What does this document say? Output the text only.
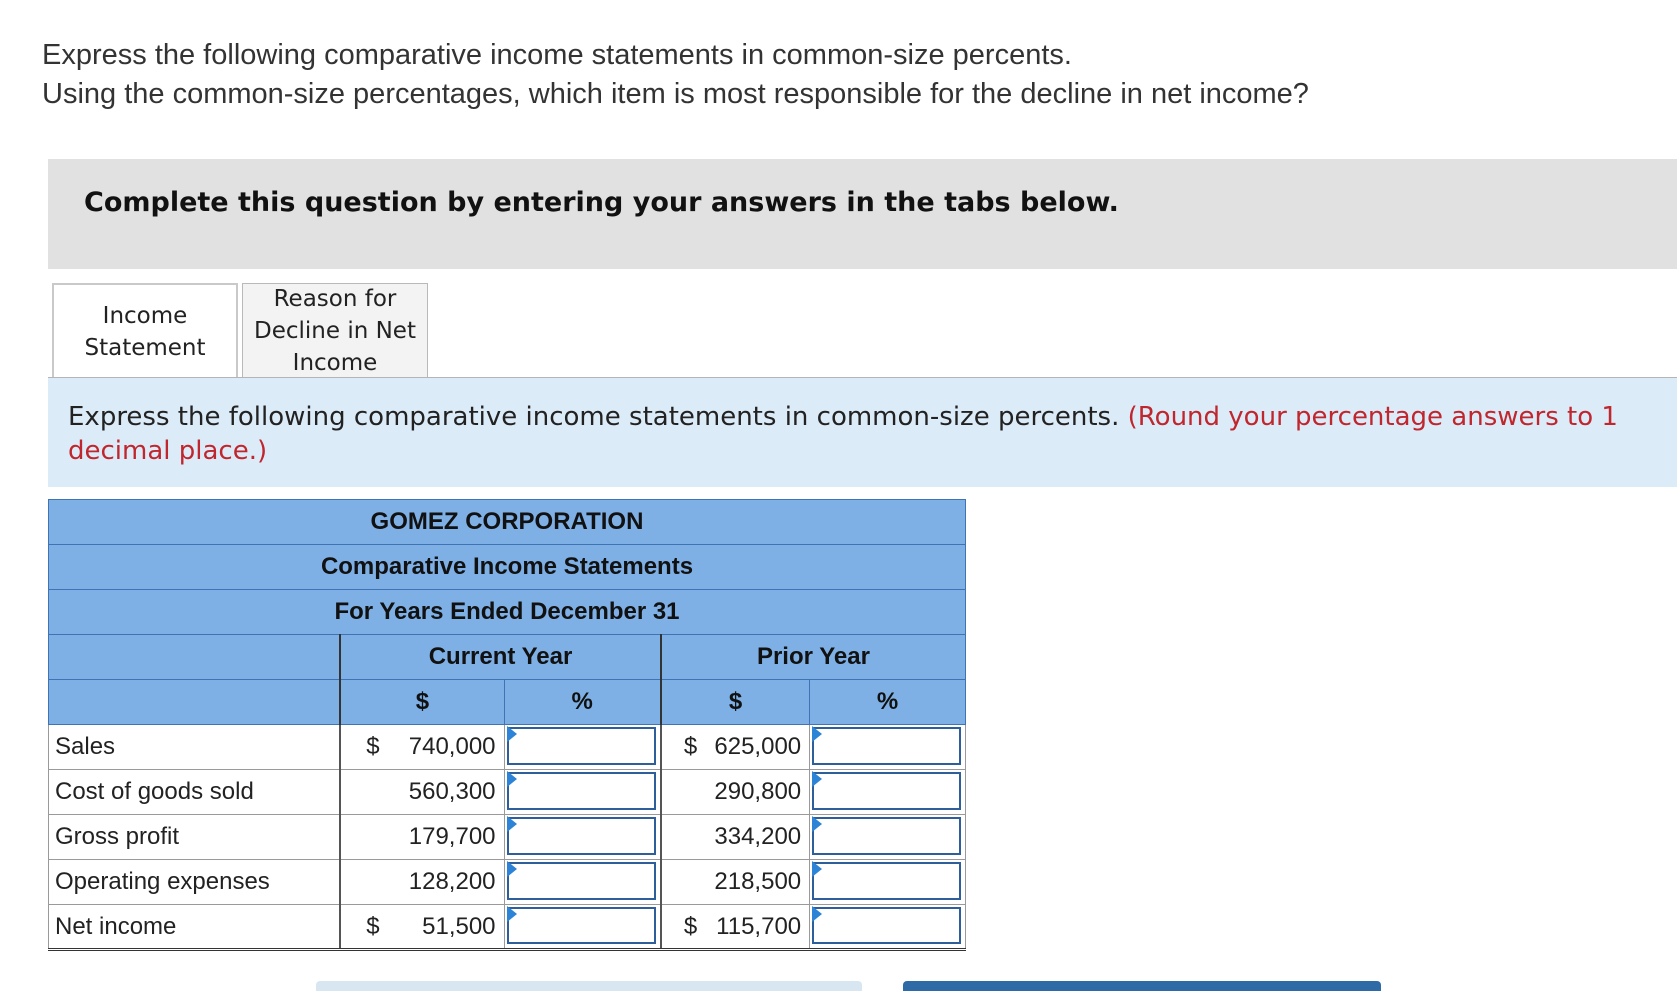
Express the following comparative income statements in common-size percents.
Using the common-size percentages, which item is most responsible for the decline in net income?
Complete this question by entering your answers in the tabs below.
Income Statement
Reason for Decline in Net Income
Express the following comparative income statements in common-size percents. (Round your percentage answers to 1 decimal place.)
GOMEZ CORPORATION				
Comparative Income Statements				
For Years Ended December 31				
	Current Year		Prior Year	
	$	%	$	%
Sales	$ 740,000		$ 625,000

Cost of goods sold	560,300		290,800

Gross profit	179,700		334,200

Operating expenses	128,200		218,500

Net income	$ 51,500		$ 115,700
